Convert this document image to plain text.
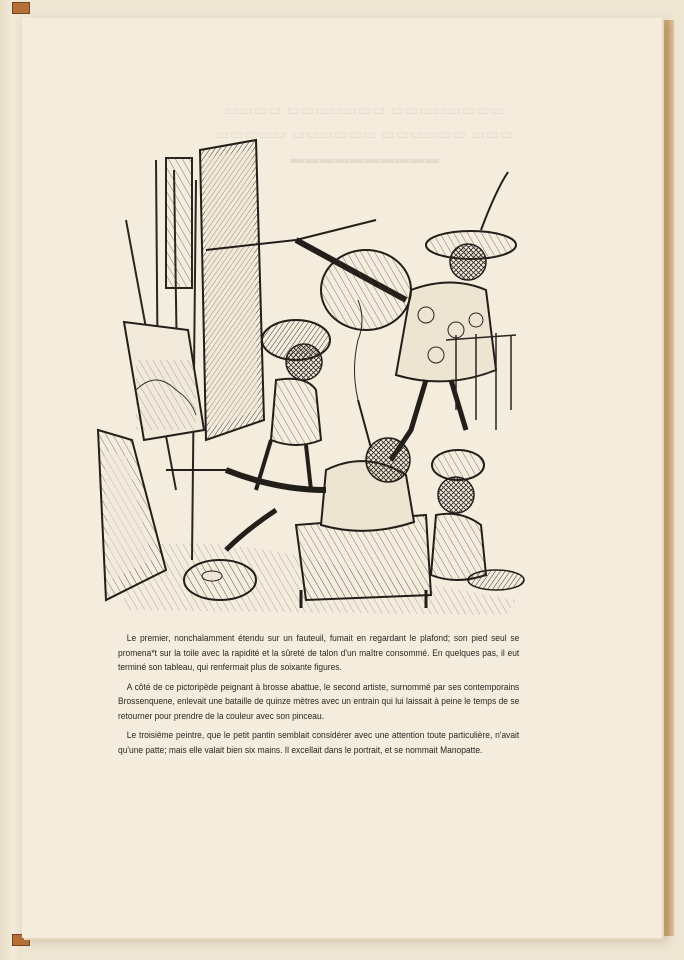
▭▭▭▭ ▭▭▭▭▭▭▭ ▭▭▭▭▭▭▭▭
▭▭▭▭▭ ▭▭▭▭▭▭ ▭▭▭▭▭▭ ▭▭▭
▬▬▬▬▬▬▬▬▬▬

Le premier, nonchalamment étendu sur un fauteuil, fumait en regardant le plafond; son pied seul se promena*t sur la toile avec la rapidité et la sûreté de talon d'un maître consommé. En quelques pas, il eut terminé son tableau, qui renfermait plus de soixante figures.

A côté de ce pictoripède peignant à brosse abattue, le second artiste, surnommé par ses contemporains Brossenquene, enlevait une bataille de quinze mètres avec un entrain qui lui laissait à peine le temps de se retourner pour prendre de la couleur avec son pinceau.

Le troisième peintre, que le petit pantin semblait considérer avec une attention toute particulière, n'avait qu'une patte; mais elle valait bien six mains. Il excellait dans le portrait, et se nommait Manopatte.
